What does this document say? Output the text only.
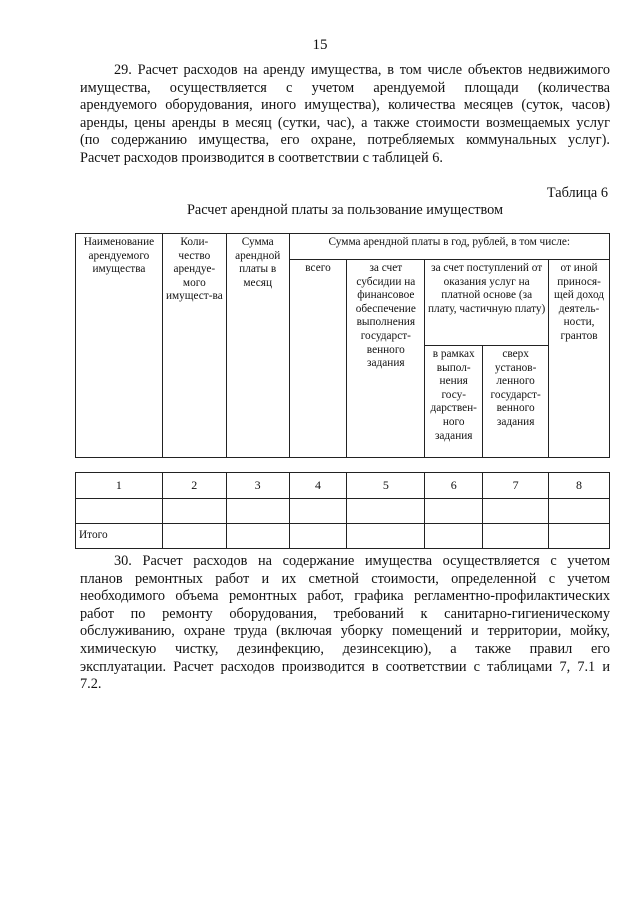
15
29. Расчет расходов на аренду имущества, в том числе объектов недвижимого
имущества, осуществляется с учетом арендуемой площади (количества
арендуемого оборудования, иного имущества), количества месяцев (суток, часов)
аренды, цены аренды в месяц (сутки, час), а также стоимости возмещаемых услуг
(по содержанию имущества, его охране, потребляемых коммунальных услуг).
Расчет расходов производится в соответствии с таблицей 6.
Таблица 6
Расчет арендной платы за пользование имуществом
Наименование арендуемого имущества	Коли-чество арендуе-мого имущест-ва	Сумма арендной платы в месяц	Сумма арендной платы в год, рублей, в том числе:				
			всего	за счет субсидии на финансовое обеспечение выполнения государст-венного задания	за счет поступлений от оказания услуг на платной основе (за плату, частичную плату)		от иной принося-щей доход деятель-ности, грантов
					в рамках выпол-нения госу-дарствен-ного задания	сверх установ-ленного государст-венного задания	
1	2	3	4	5	6	7	8

Итого							
30. Расчет расходов на содержание имущества осуществляется с учетом
планов ремонтных работ и их сметной стоимости, определенной с учетом
необходимого объема ремонтных работ, графика регламентно-профилактических
работ по ремонту оборудования, требований к санитарно-гигиеническому
обслуживанию, охране труда (включая уборку помещений и территории, мойку,
химическую чистку, дезинфекцию, дезинсекцию), а также правил его
эксплуатации. Расчет расходов производится в соответствии с таблицами 7, 7.1 и
7.2.
